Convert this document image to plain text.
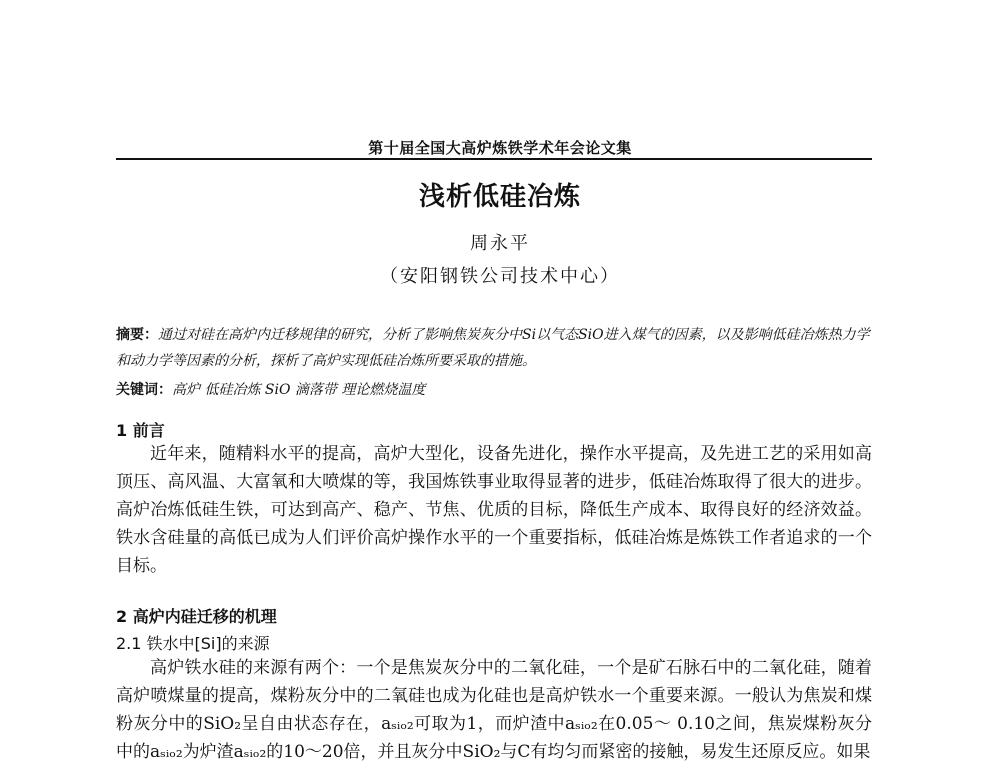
第十届全国大高炉炼铁学术年会论文集
浅析低硅冶炼
周永平
（安阳钢铁公司技术中心）
摘要：通过对硅在高炉内迁移规律的研究，分析了影响焦炭灰分中Si以气态SiO进入煤气的因素，以及影响低硅冶炼热力学和动力学等因素的分析，探析了高炉实现低硅冶炼所要采取的措施。
关键词：高炉 低硅冶炼 SiO 滴落带 理论燃烧温度
1 前言
近年来，随精料水平的提高，高炉大型化，设备先进化，操作水平提高，及先进工艺的采用如高顶压、高风温、大富氧和大喷煤的等，我国炼铁事业取得显著的进步，低硅冶炼取得了很大的进步。高炉冶炼低硅生铁，可达到高产、稳产、节焦、优质的目标，降低生产成本、取得良好的经济效益。铁水含硅量的高低已成为人们评价高炉操作水平的一个重要指标，低硅冶炼是炼铁工作者追求的一个目标。
2 高炉内硅迁移的机理
2.1 铁水中[Si]的来源
高炉铁水硅的来源有两个：一个是焦炭灰分中的二氧化硅，一个是矿石脉石中的二氧化硅，随着高炉喷煤量的提高，煤粉灰分中的二氧硅也成为化硅也是高炉铁水一个重要来源。一般认为焦炭和煤粉灰分中的SiO₂呈自由状态存在，aₛᵢₒ₂可取为1，而炉渣中aₛᵢₒ₂在0.05～ 0.10之间，焦炭煤粉灰分中的aₛᵢₒ₂为炉渣aₛᵢₒ₂的10～20倍，并且灰分中SiO₂与C有均匀而紧密的接触，易发生还原反应。如果
